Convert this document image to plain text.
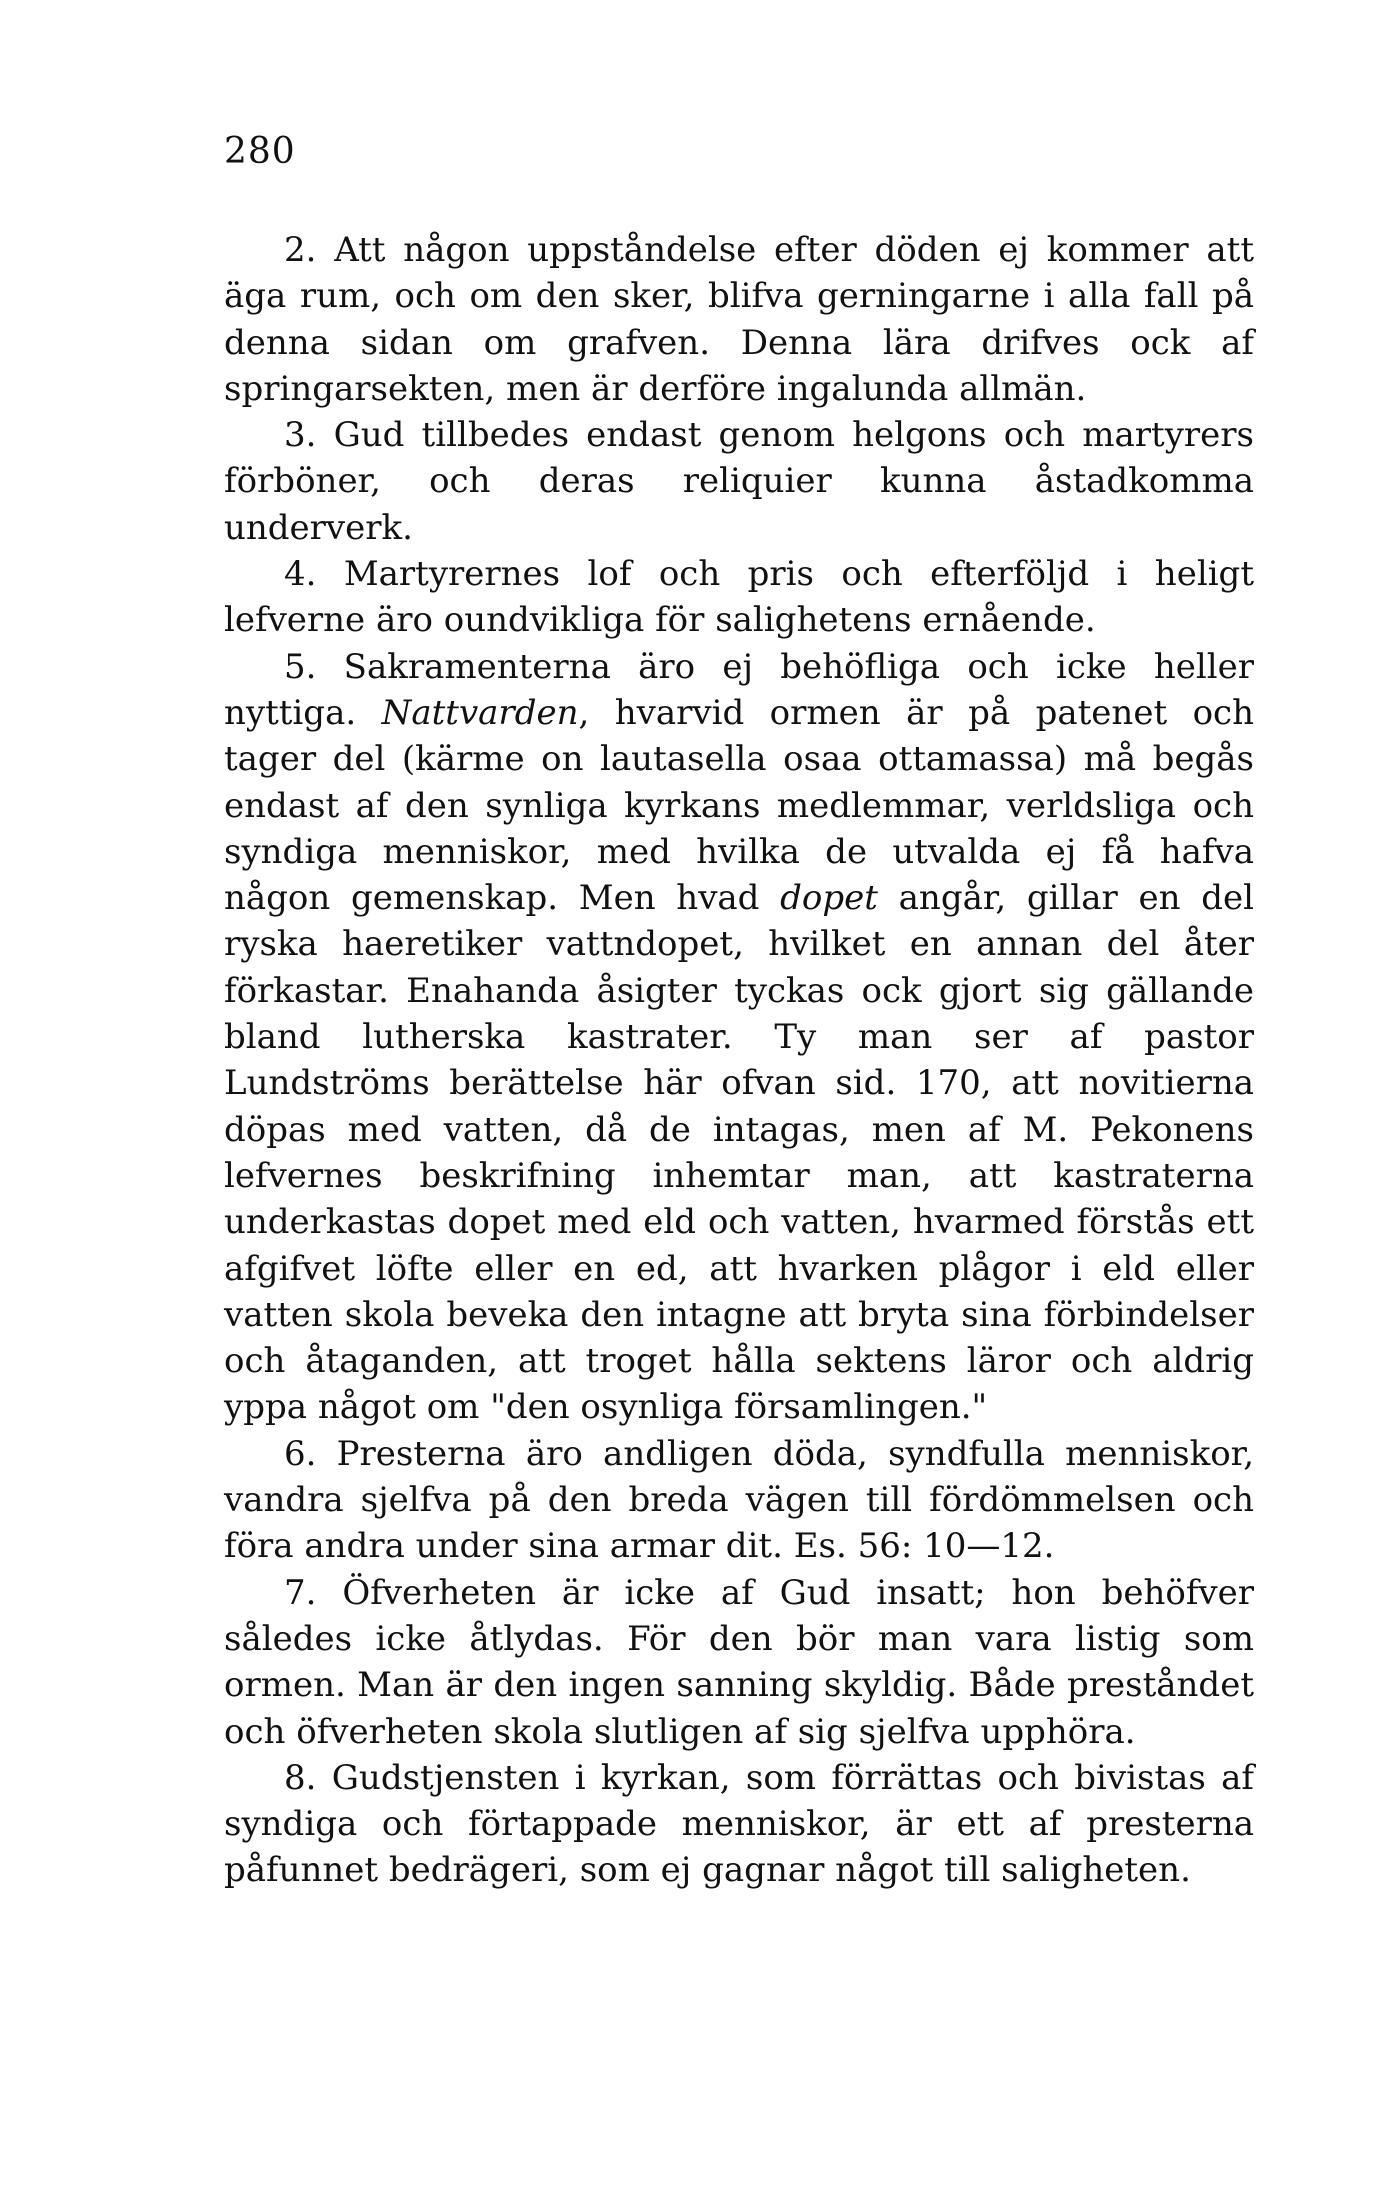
280

2. Att någon uppståndelse efter döden ej kommer att äga rum, och om den sker, blifva gerningarne i alla fall på denna sidan om grafven. Denna lära drifves ock af springarsekten, men är derföre ingalunda allmän.

3. Gud tillbedes endast genom helgons och martyrers förböner, och deras reliquier kunna åstadkomma underverk.

4. Martyrernes lof och pris och efterföljd i heligt lefverne äro oundvikliga för salighetens ernående.

5. Sakramenterna äro ej behöfliga och icke heller nyttiga. Nattvarden, hvarvid ormen är på patenet och tager del (kärme on lautasella osaa ottamassa) må begås endast af den synliga kyrkans medlemmar, verldsliga och syndiga menniskor, med hvilka de utvalda ej få hafva någon gemenskap. Men hvad dopet angår, gillar en del ryska haeretiker vattndopet, hvilket en annan del åter förkastar. Enahanda åsigter tyckas ock gjort sig gällande bland lutherska kastrater. Ty man ser af pastor Lundströms berättelse här ofvan sid. 170, att novitierna döpas med vatten, då de intagas, men af M. Pekonens lefvernes beskrifning inhemtar man, att kastraterna underkastas dopet med eld och vatten, hvarmed förstås ett afgifvet löfte eller en ed, att hvarken plågor i eld eller vatten skola beveka den intagne att bryta sina förbindelser och åtaganden, att troget hålla sektens läror och aldrig yppa något om "den osynliga församlingen."

6. Presterna äro andligen döda, syndfulla menniskor, vandra sjelfva på den breda vägen till fördömmelsen och föra andra under sina armar dit. Es. 56: 10—12.

7. Öfverheten är icke af Gud insatt; hon behöfver således icke åtlydas. För den bör man vara listig som ormen. Man är den ingen sanning skyldig. Både preståndet och öfverheten skola slutligen af sig sjelfva upphöra.

8. Gudstjensten i kyrkan, som förrättas och bivistas af syndiga och förtappade menniskor, är ett af presterna påfunnet bedrägeri, som ej gagnar något till saligheten.
